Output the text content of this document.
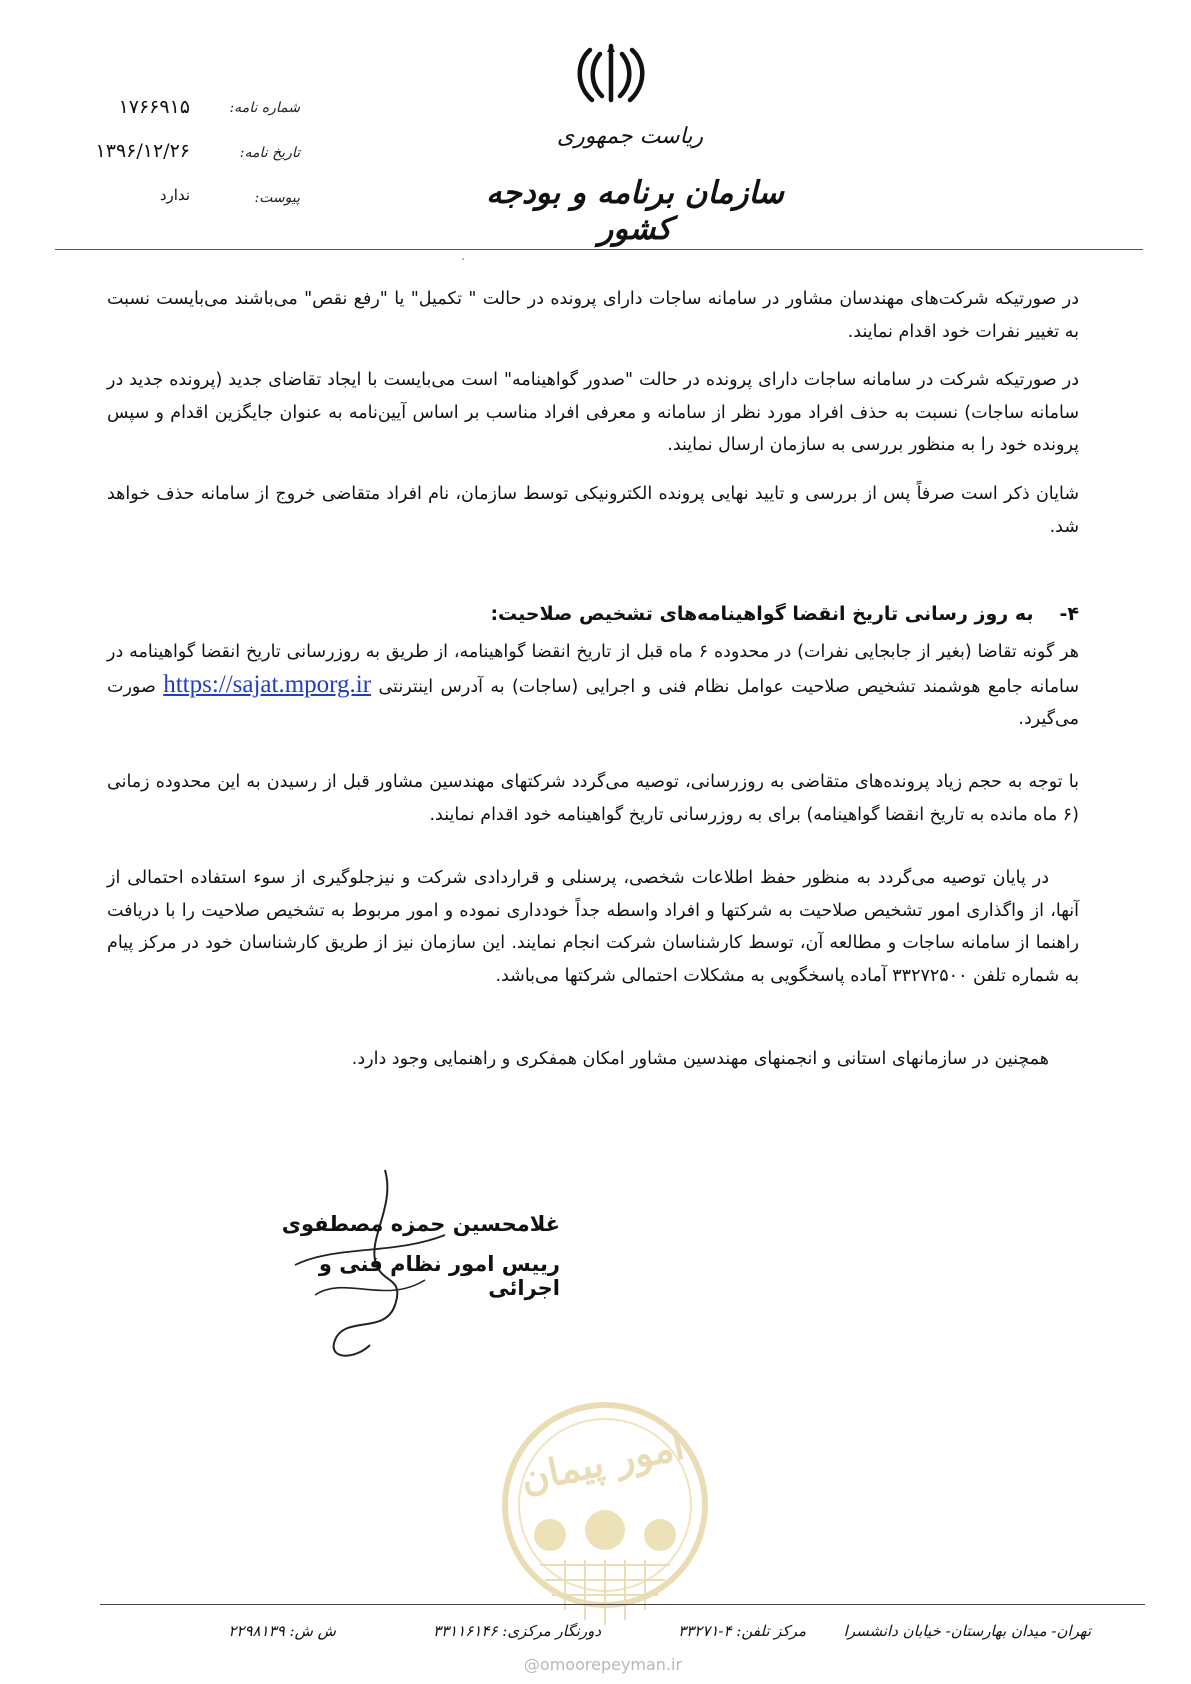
ریاست جمهوری
سازمان برنامه و بودجه کشور
شماره نامه:
۱۷۶۶۹۱۵
تاریخ نامه:
۱۳۹۶/۱۲/۲۶
پیوست:
ندارد
در صورتیکه شرکت‌های مهندسان مشاور در سامانه ساجات دارای پرونده در حالت " تکمیل" یا "رفع نقص" می‌باشند می‌بایست نسبت به تغییر نفرات خود اقدام نمایند.
در صورتیکه شرکت در سامانه ساجات دارای پرونده در حالت "صدور گواهینامه" است می‌بایست با ایجاد تقاضای جدید (پرونده جدید در سامانه ساجات) نسبت به حذف افراد مورد نظر از سامانه و معرفی افراد مناسب بر اساس آیین‌نامه به عنوان جایگزین اقدام و سپس پرونده خود را به منظور بررسی به سازمان ارسال نمایند.
شایان ذکر است صرفاً پس از بررسی و تایید نهایی پرونده الکترونیکی توسط سازمان، نام افراد متقاضی خروج از سامانه حذف خواهد شد.
۴-به روز رسانی تاریخ انقضا گواهینامه‌های تشخیص صلاحیت:
هر گونه تقاضا (بغیر از جابجایی نفرات) در محدوده ۶ ماه قبل از تاریخ انقضا گواهینامه، از طریق به روزرسانی تاریخ انقضا گواهینامه در سامانه جامع هوشمند تشخیص صلاحیت عوامل نظام فنی و اجرایی (ساجات) به آدرس اینترنتی https://sajat.mporg.ir صورت می‌گیرد.
با توجه به حجم زیاد پرونده‌های متقاضی به روزرسانی، توصیه می‌گردد شرکتهای مهندسین مشاور قبل از رسیدن به این محدوده زمانی (۶ ماه مانده به تاریخ انقضا گواهینامه) برای به روزرسانی تاریخ گواهینامه خود اقدام نمایند.
در پایان توصیه می‌گردد به منظور حفظ اطلاعات شخصی، پرسنلی و قراردادی شرکت و نیزجلوگیری از سوء استفاده احتمالی از آنها، از واگذاری امور تشخیص صلاحیت به شرکتها و افراد واسطه جداً خودداری نموده و امور مربوط به تشخیص صلاحیت را با دریافت راهنما از سامانه ساجات و مطالعه آن، توسط کارشناسان شرکت انجام نمایند. این سازمان نیز از طریق کارشناسان خود در مرکز پیام به شماره تلفن ۳۳۲۷۲۵۰۰ آماده پاسخگویی به مشکلات احتمالی شرکتها می‌باشد.
همچنین در سازمانهای استانی و انجمنهای مهندسین مشاور امکان همفکری و راهنمایی وجود دارد.
غلامحسین حمزه مصطفوی
رییس امور نظام فنی و اجرائی
امور پیمان
تهران- میدان بهارستان- خیابان دانشسرا
مرکز تلفن: ۴-۳۳۲۷۱
دورنگار مرکزی: ۳۳۱۱۶۱۴۶
ش ش: ۲۲۹۸۱۳۹
@omoorepeyman.ir
